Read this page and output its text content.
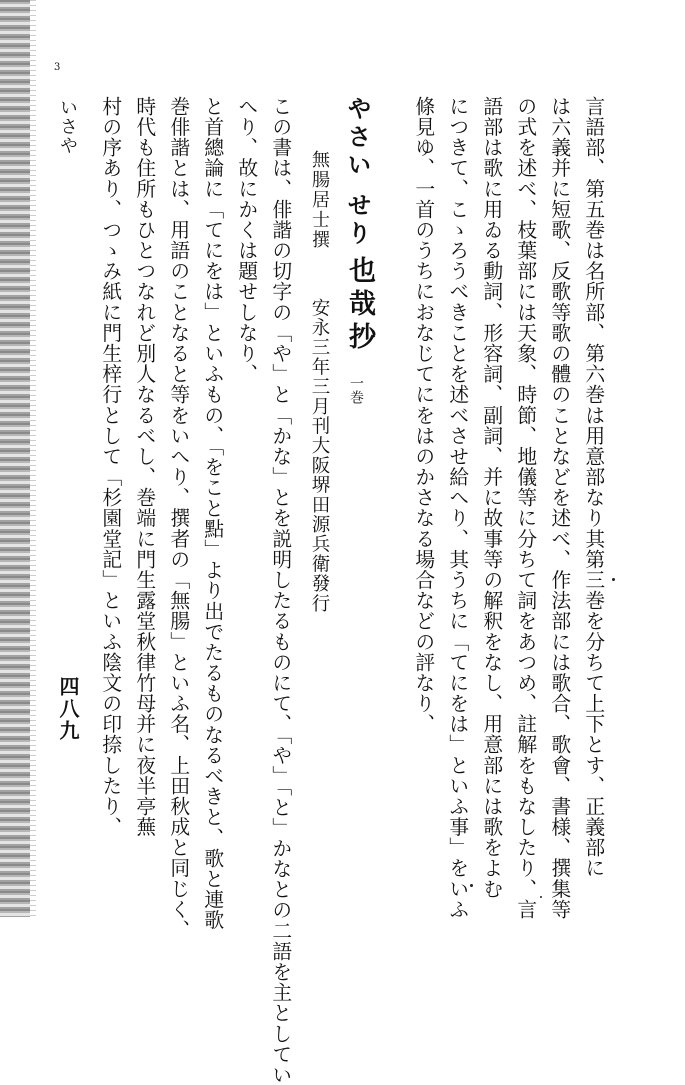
3
いさや
四八九	言語部、第五巻は名所部、第六巻は用意部なり其第三巻を分ちて上下とす、正義部に
は六義并に短歌、反歌等歌の體のことなどを述べ、作法部には歌合、歌會、書様、撰集等
の式を述べ、枝葉部には天象、時節、地儀等に分ちて詞をあつめ、註解をもなしたり、言
語部は歌に用ゐる動詞、形容詞、副詞、并に故事等の解釈をなし、用意部には歌をよむ
につきて、こゝろうべきことを述べさせ給へり、其うちに「てにをは」といふ事」をいふ
條見ゆ、一首のうちにおなじてにをはのかさなる場合などの評なり、
やさい せり
也哉抄
一巻
無腸居士撰
安永三年三月刊大阪堺田源兵衛發行
この書は、俳諧の切字の「や」と「かな」とを説明したるものにて、「や」「と」かなとの二語を主としてい
へり、故にかくは題せしなり、
と首總論に「てにをは」といふもの、「をこと點」より出でたるものなるべきと、歌と連歌
巻俳諧とは、用語のことなると等をいへり、撰者の「無腸」といふ名、上田秋成と同じく、
時代も住所もひとつなれど別人なるべし、巻端に門生露堂秋律竹母并に夜半亭蕪
村の序あり、つゝみ紙に門生梓行として「杉園堂記」といふ陰文の印捺したり、
